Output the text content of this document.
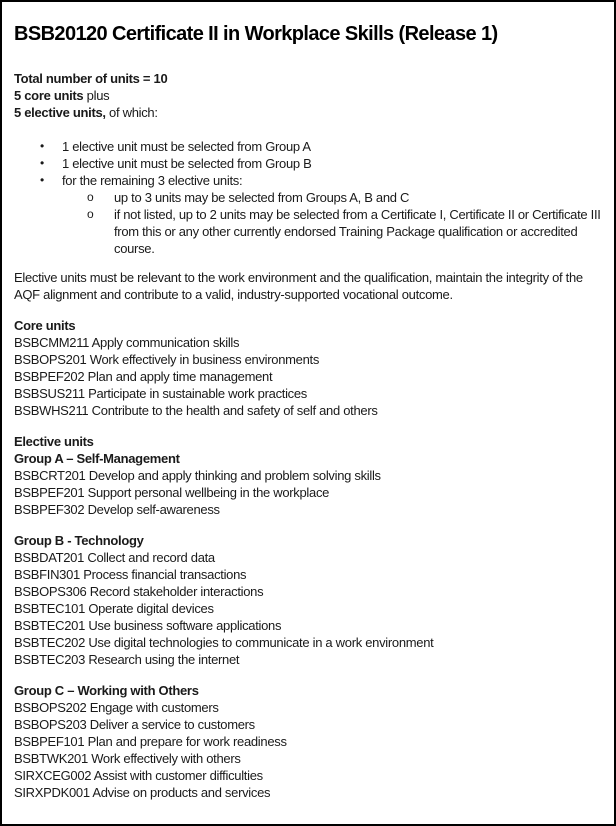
BSB20120 Certificate II in Workplace Skills (Release 1)
Total number of units = 10
5 core units plus
5 elective units, of which:
•	1 elective unit must be selected from Group A
•	1 elective unit must be selected from Group B
•	for the remaining 3 elective units:
o	up to 3 units may be selected from Groups A, B and C
o	if not listed, up to 2 units may be selected from a Certificate I, Certificate II or Certificate III from this or any other currently endorsed Training Package qualification or accredited course.
Elective units must be relevant to the work environment and the qualification, maintain the integrity of the AQF alignment and contribute to a valid, industry-supported vocational outcome.
Core units
BSBCMM211 Apply communication skills
BSBOPS201 Work effectively in business environments
BSBPEF202 Plan and apply time management
BSBSUS211 Participate in sustainable work practices
BSBWHS211 Contribute to the health and safety of self and others
Elective units
Group A – Self-Management
BSBCRT201 Develop and apply thinking and problem solving skills
BSBPEF201 Support personal wellbeing in the workplace
BSBPEF302 Develop self-awareness
Group B - Technology
BSBDAT201 Collect and record data
BSBFIN301 Process financial transactions
BSBOPS306 Record stakeholder interactions
BSBTEC101 Operate digital devices
BSBTEC201 Use business software applications
BSBTEC202 Use digital technologies to communicate in a work environment
BSBTEC203 Research using the internet
Group C – Working with Others
BSBOPS202 Engage with customers
BSBOPS203 Deliver a service to customers
BSBPEF101 Plan and prepare for work readiness
BSBTWK201 Work effectively with others
SIRXCEG002 Assist with customer difficulties
SIRXPDK001 Advise on products and services
